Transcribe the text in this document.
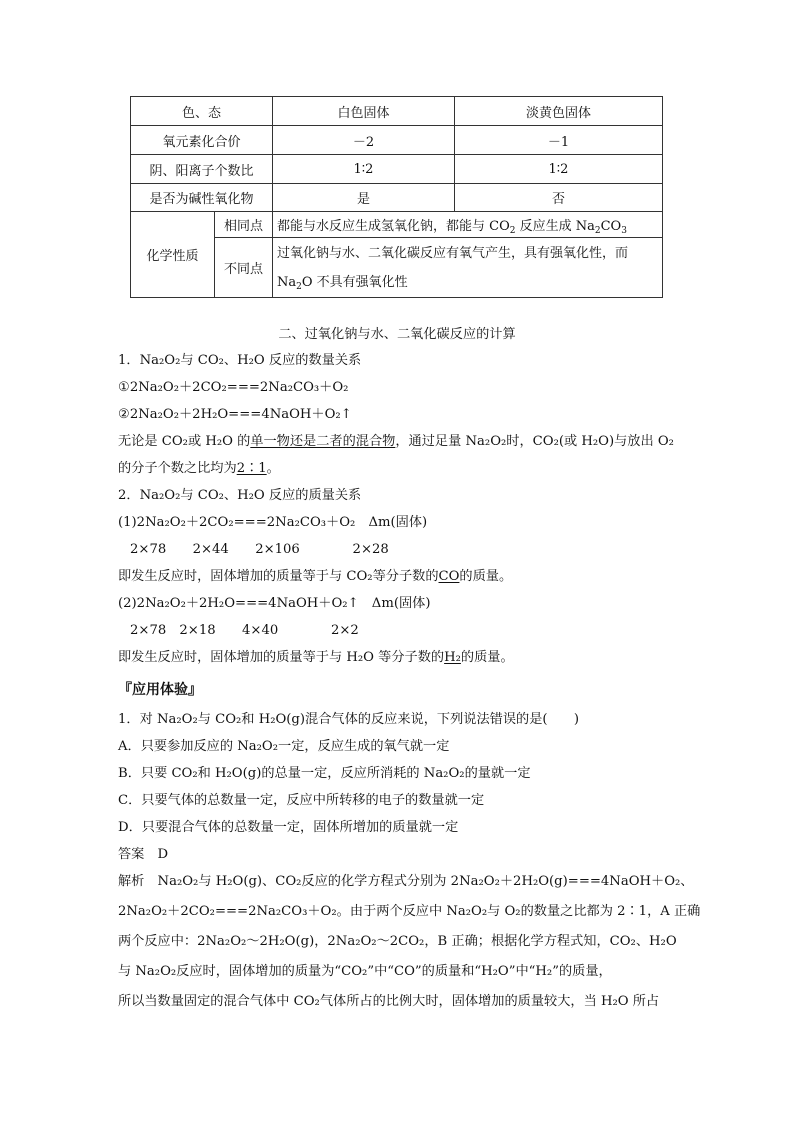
色、态		白色固体	淡黄色固体
氧元素化合价		－2	－1
阴、阳离子个数比		1∶2	1∶2
是否为碱性氧化物		是	否
化学性质	相同点	都能与水反应生成氢氧化钠，都能与 $CO_2$ 反应生成 $Na_2CO_3$
	不同点	过氧化钠与水、二氧化碳反应有氧气产生，具有强氧化性，而
$Na_2O$ 不具有强氧化性	
二、过氧化钠与水、二氧化碳反应的计算
1．Na₂O₂与 CO₂、H₂O 反应的数量关系
①2Na₂O₂＋2CO₂===2Na₂CO₃＋O₂
②2Na₂O₂＋2H₂O===4NaOH＋O₂↑
无论是 CO₂或 H₂O 的单一物还是二者的混合物，通过足量 Na₂O₂时，CO₂(或 H₂O)与放出 O₂
的分子个数之比均为2∶1。
2．Na₂O₂与 CO₂、H₂O 反应的质量关系
(1)2Na₂O₂＋2CO₂===2Na₂CO₃＋O₂　Δm(固体)
2×78　　2×44　　2×106　　　　2×28
即发生反应时，固体增加的质量等于与 CO₂等分子数的CO的质量。
(2)2Na₂O₂＋2H₂O===4NaOH＋O₂↑　Δm(固体)
2×78　2×18　　4×40　　　　2×2
即发生反应时，固体增加的质量等于与 H₂O 等分子数的H₂的质量。
『应用体验』
1．对 Na₂O₂与 CO₂和 H₂O(g)混合气体的反应来说，下列说法错误的是(　　)
A．只要参加反应的 Na₂O₂一定，反应生成的氧气就一定
B．只要 CO₂和 H₂O(g)的总量一定，反应所消耗的 Na₂O₂的量就一定
C．只要气体的总数量一定，反应中所转移的电子的数量就一定
D．只要混合气体的总数量一定，固体所增加的质量就一定
答案　D
解析　Na₂O₂与 H₂O(g)、CO₂反应的化学方程式分别为 2Na₂O₂＋2H₂O(g)===4NaOH＋O₂、
2Na₂O₂＋2CO₂===2Na₂CO₃＋O₂。由于两个反应中 Na₂O₂与 O₂的数量之比都为 2∶1，A 正确
两个反应中：2Na₂O₂～2H₂O(g)，2Na₂O₂～2CO₂，B 正确；根据化学方程式知，CO₂、H₂O
与 Na₂O₂反应时，固体增加的质量为“CO₂”中“CO”的质量和“H₂O”中“H₂”的质量，
所以当数量固定的混合气体中 CO₂气体所占的比例大时，固体增加的质量较大，当 H₂O 所占
